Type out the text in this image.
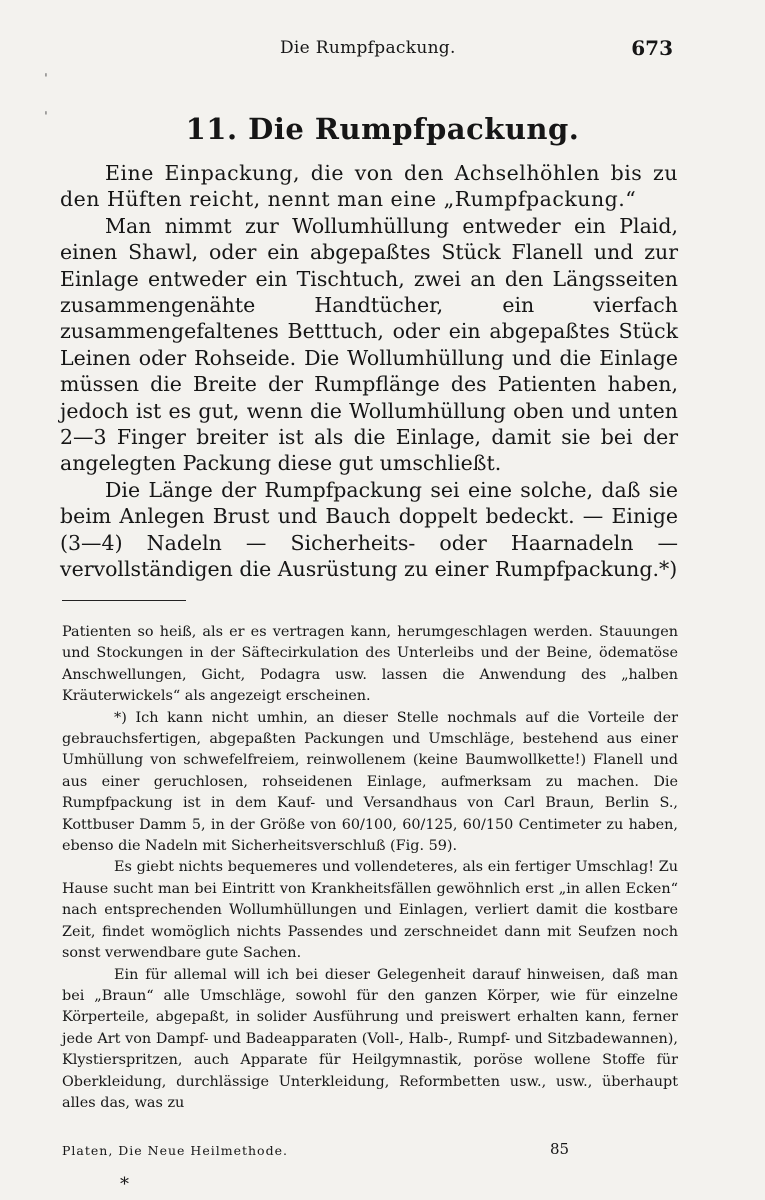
Die Rumpfpackung.	673
ˈ
ˈ	11. Die Rumpfpackung.

Eine Einpackung, die von den Achselhöhlen bis zu den Hüften reicht, nennt man eine „Rumpfpackung.“

Man nimmt zur Wollumhüllung entweder ein Plaid, einen Shawl, oder ein abgepaßtes Stück Flanell und zur Einlage entweder ein Tischtuch, zwei an den Längsseiten zusammengenähte Handtücher, ein vierfach zusammengefaltenes Betttuch, oder ein abgepaßtes Stück Leinen oder Rohseide. Die Wollumhüllung und die Einlage müssen die Breite der Rumpflänge des Patienten haben, jedoch ist es gut, wenn die Wollumhüllung oben und unten 2—3 Finger breiter ist als die Einlage, damit sie bei der angelegten Packung diese gut umschließt.

Die Länge der Rumpfpackung sei eine solche, daß sie beim Anlegen Brust und Bauch doppelt bedeckt. — Einige (3—4) Nadeln — Sicherheits- oder Haarnadeln — vervollständigen die Ausrüstung zu einer Rumpfpackung.*)

Patienten so heiß, als er es vertragen kann, herumgeschlagen werden. Stauungen und Stockungen in der Säftecirkulation des Unterleibs und der Beine, ödematöse Anschwellungen, Gicht, Podagra usw. lassen die Anwendung des „halben Kräuterwickels“ als angezeigt erscheinen.

*) Ich kann nicht umhin, an dieser Stelle nochmals auf die Vorteile der gebrauchsfertigen, abgepaßten Packungen und Umschläge, bestehend aus einer Umhüllung von schwefelfreiem, reinwollenem (keine Baumwollkette!) Flanell und aus einer geruchlosen, rohseidenen Einlage, aufmerksam zu machen. Die Rumpfpackung ist in dem Kauf- und Versandhaus von Carl Braun, Berlin S., Kottbuser Damm 5, in der Größe von 60/100, 60/125, 60/150 Centimeter zu haben, ebenso die Nadeln mit Sicherheitsverschluß (Fig. 59).

Es giebt nichts bequemeres und vollendeteres, als ein fertiger Umschlag! Zu Hause sucht man bei Eintritt von Krankheitsfällen gewöhnlich erst „in allen Ecken“ nach entsprechenden Wollumhüllungen und Einlagen, verliert damit die kostbare Zeit, findet womöglich nichts Passendes und zerschneidet dann mit Seufzen noch sonst verwendbare gute Sachen.

Ein für allemal will ich bei dieser Gelegenheit darauf hinweisen, daß man bei „Braun“ alle Umschläge, sowohl für den ganzen Körper, wie für einzelne Körperteile, abgepaßt, in solider Ausführung und preiswert erhalten kann, ferner jede Art von Dampf- und Badeapparaten (Voll-, Halb-, Rumpf- und Sitzbadewannen), Klystierspritzen, auch Apparate für Heilgymnastik, poröse wollene Stoffe für Oberkleidung, durchlässige Unterkleidung, Reformbetten usw., usw., überhaupt alles das, was zu

Platen, Die Neue Heilmethode.	85
*
